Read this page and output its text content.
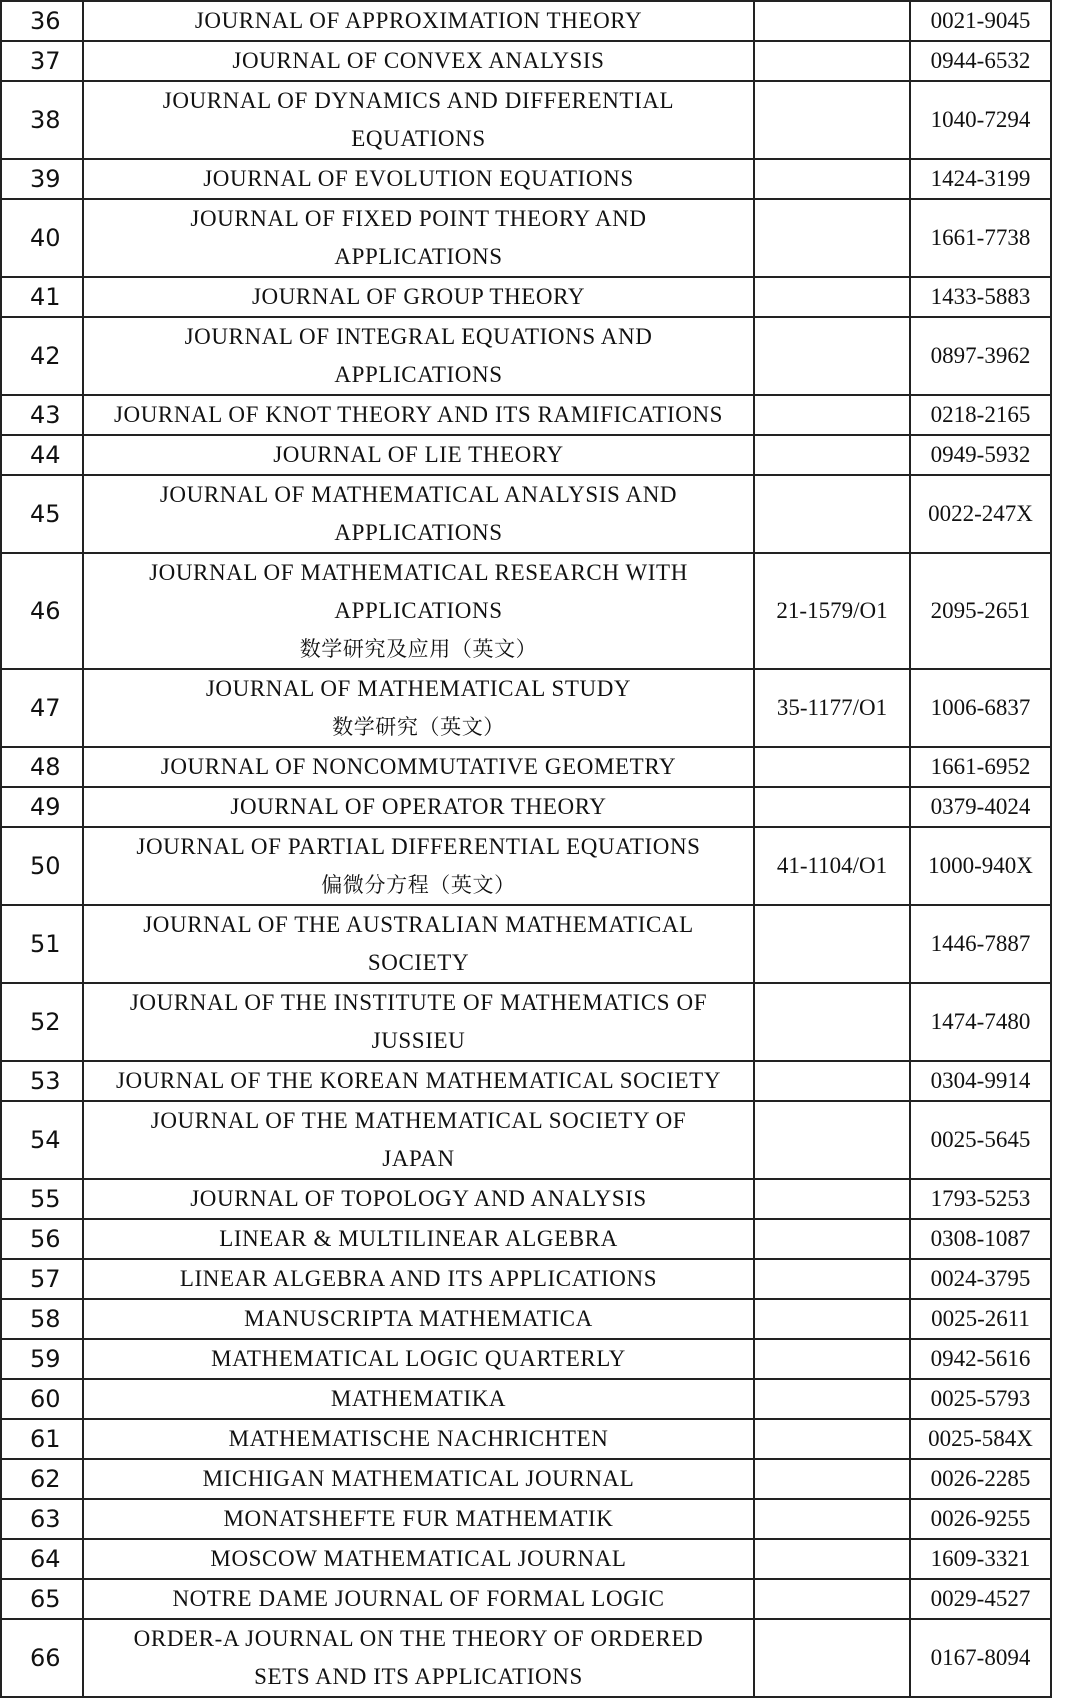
36	JOURNAL OF APPROXIMATION THEORY		0021-9045
37	JOURNAL OF CONVEX ANALYSIS		0944-6532
38	JOURNAL OF DYNAMICS AND DIFFERENTIAL
EQUATIONS		1040-7294
39	JOURNAL OF EVOLUTION EQUATIONS		1424-3199
40	JOURNAL OF FIXED POINT THEORY AND
APPLICATIONS		1661-7738
41	JOURNAL OF GROUP THEORY		1433-5883
42	JOURNAL OF INTEGRAL EQUATIONS AND
APPLICATIONS		0897-3962
43	JOURNAL OF KNOT THEORY AND ITS RAMIFICATIONS		0218-2165
44	JOURNAL OF LIE THEORY		0949-5932
45	JOURNAL OF MATHEMATICAL ANALYSIS AND
APPLICATIONS		0022-247X
46	JOURNAL OF MATHEMATICAL RESEARCH WITH
APPLICATIONS
数学研究及应用（英文）	21-1579/O1	2095-2651
47	JOURNAL OF MATHEMATICAL STUDY
数学研究（英文）	35-1177/O1	1006-6837
48	JOURNAL OF NONCOMMUTATIVE GEOMETRY		1661-6952
49	JOURNAL OF OPERATOR THEORY		0379-4024
50	JOURNAL OF PARTIAL DIFFERENTIAL EQUATIONS
偏微分方程（英文）	41-1104/O1	1000-940X
51	JOURNAL OF THE AUSTRALIAN MATHEMATICAL
SOCIETY		1446-7887
52	JOURNAL OF THE INSTITUTE OF MATHEMATICS OF
JUSSIEU		1474-7480
53	JOURNAL OF THE KOREAN MATHEMATICAL SOCIETY		0304-9914
54	JOURNAL OF THE MATHEMATICAL SOCIETY OF
JAPAN		0025-5645
55	JOURNAL OF TOPOLOGY AND ANALYSIS		1793-5253
56	LINEAR & MULTILINEAR ALGEBRA		0308-1087
57	LINEAR ALGEBRA AND ITS APPLICATIONS		0024-3795
58	MANUSCRIPTA MATHEMATICA		0025-2611
59	MATHEMATICAL LOGIC QUARTERLY		0942-5616
60	MATHEMATIKA		0025-5793
61	MATHEMATISCHE NACHRICHTEN		0025-584X
62	MICHIGAN MATHEMATICAL JOURNAL		0026-2285
63	MONATSHEFTE FUR MATHEMATIK		0026-9255
64	MOSCOW MATHEMATICAL JOURNAL		1609-3321
65	NOTRE DAME JOURNAL OF FORMAL LOGIC		0029-4527
66	ORDER-A JOURNAL ON THE THEORY OF ORDERED
SETS AND ITS APPLICATIONS		0167-8094
